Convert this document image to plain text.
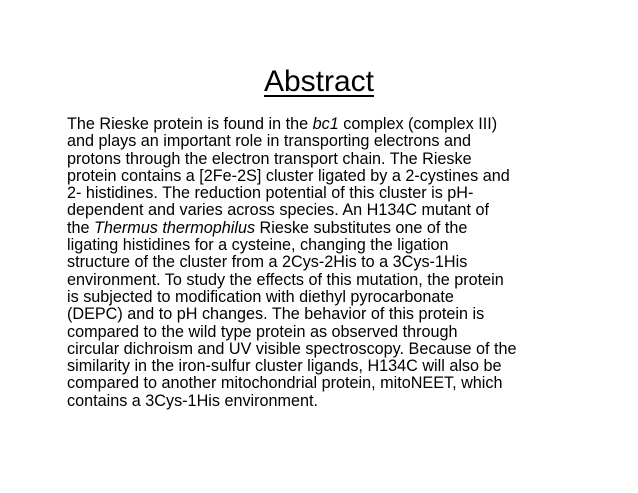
Abstract
The Rieske protein is found in the bc1 complex (complex III)
and plays an important role in transporting electrons and
protons through the electron transport chain. The Rieske
protein contains a [2Fe-2S] cluster ligated by a 2-cystines and
2- histidines. The reduction potential of this cluster is pH-
dependent and varies across species. An H134C mutant of
the Thermus thermophilus Rieske substitutes one of the
ligating histidines for a cysteine, changing the ligation
structure of the cluster from a 2Cys-2His to a 3Cys-1His
environment. To study the effects of this mutation, the protein
is subjected to modification with diethyl pyrocarbonate
(DEPC) and to pH changes. The behavior of this protein is
compared to the wild type protein as observed through
circular dichroism and UV visible spectroscopy. Because of the
similarity in the iron-sulfur cluster ligands, H134C will also be
compared to another mitochondrial protein, mitoNEET, which
contains a 3Cys-1His environment.
